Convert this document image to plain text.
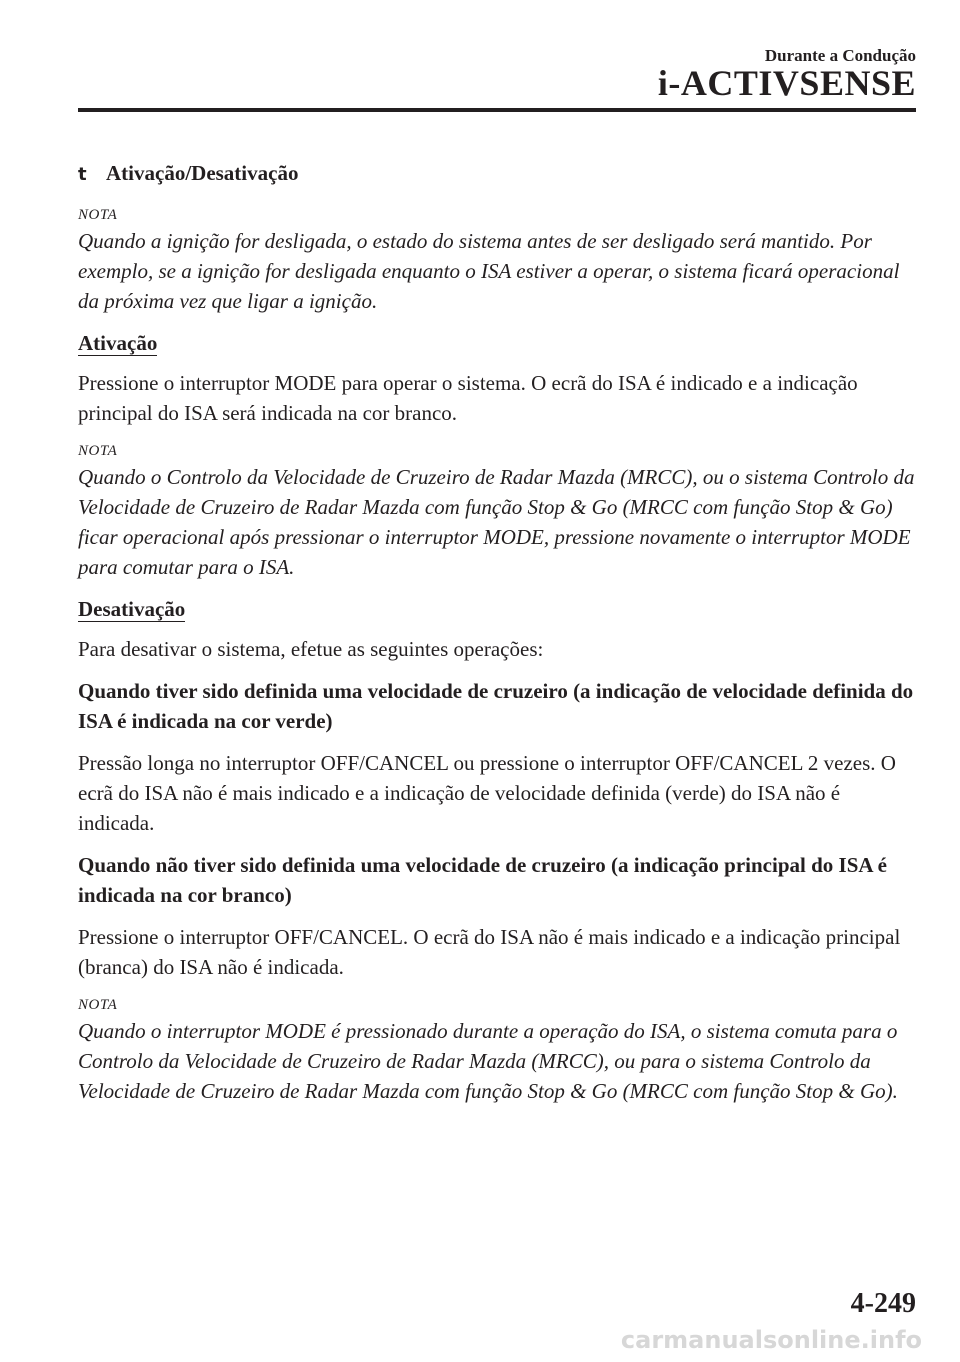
Durante a Condução
i-ACTIVSENSE
t Ativação/Desativação

NOTA

Quando a ignição for desligada, o estado do sistema antes de ser desligado será mantido. Por exemplo, se a ignição for desligada enquanto o ISA estiver a operar, o sistema ficará operacional da próxima vez que ligar a ignição.

Ativação

Pressione o interruptor MODE para operar o sistema. O ecrã do ISA é indicado e a indicação principal do ISA será indicada na cor branco.

NOTA

Quando o Controlo da Velocidade de Cruzeiro de Radar Mazda (MRCC), ou o sistema Controlo da Velocidade de Cruzeiro de Radar Mazda com função Stop & Go (MRCC com função Stop & Go) ficar operacional após pressionar o interruptor MODE, pressione novamente o interruptor MODE para comutar para o ISA.

Desativação

Para desativar o sistema, efetue as seguintes operações:

Quando tiver sido definida uma velocidade de cruzeiro (a indicação de velocidade definida do ISA é indicada na cor verde)

Pressão longa no interruptor OFF/CANCEL ou pressione o interruptor OFF/CANCEL 2 vezes. O ecrã do ISA não é mais indicado e a indicação de velocidade definida (verde) do ISA não é indicada.

Quando não tiver sido definida uma velocidade de cruzeiro (a indicação principal do ISA é indicada na cor branco)

Pressione o interruptor OFF/CANCEL. O ecrã do ISA não é mais indicado e a indicação principal (branca) do ISA não é indicada.

NOTA

Quando o interruptor MODE é pressionado durante a operação do ISA, o sistema comuta para o Controlo da Velocidade de Cruzeiro de Radar Mazda (MRCC), ou para o sistema Controlo da Velocidade de Cruzeiro de Radar Mazda com função Stop & Go (MRCC com função Stop & Go).

4-249
carmanualsonline.info
